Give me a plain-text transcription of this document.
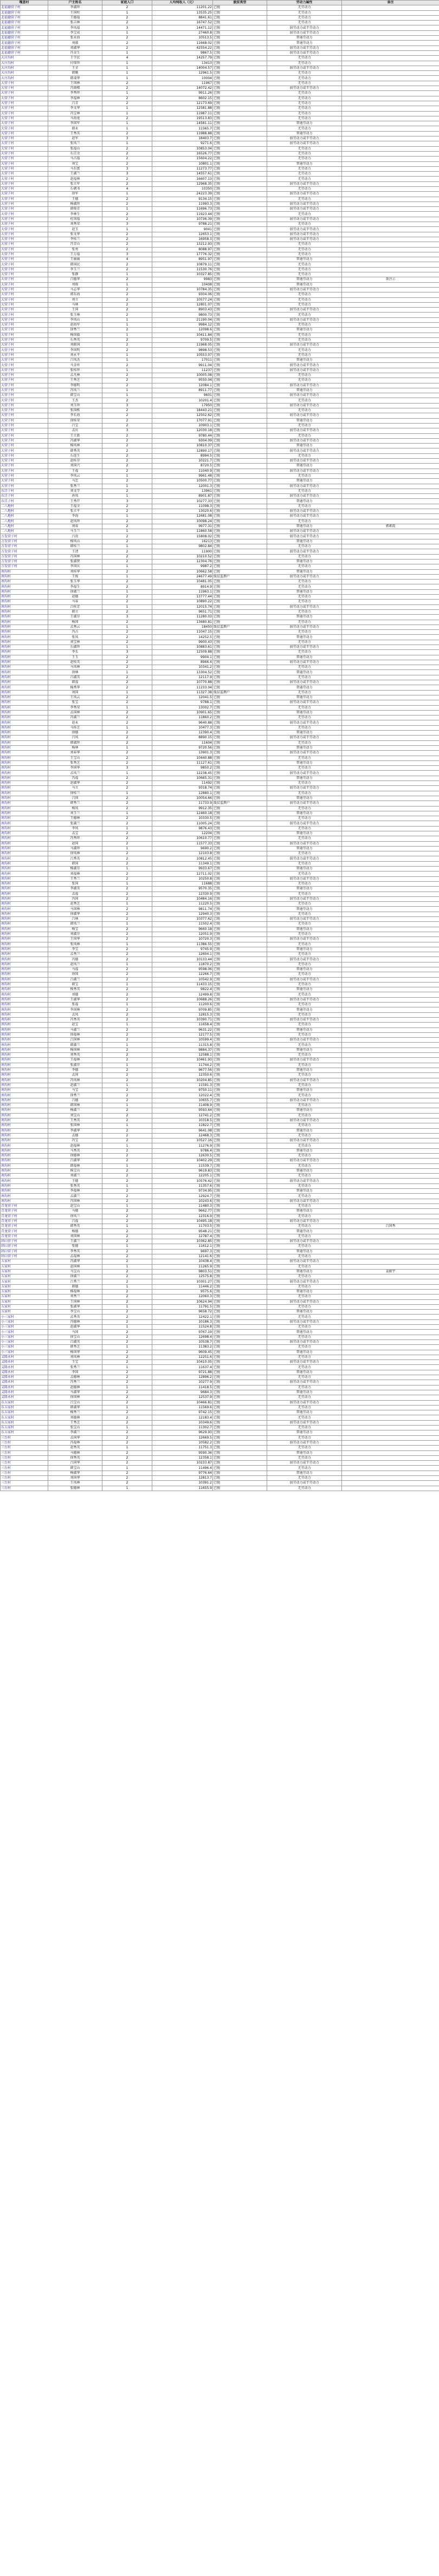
嘎查村	户主姓名	家庭人口	人均纯收入（元）	脱贫类型	劳动力属性	备注
北福德营子村	李淑珍	2	11201.22	已脱	无劳动力	
北福德营子村	王国柱	1	13535.25	已脱	无劳动力	
北福德营子村	王德福	2	8841.61	已脱	无劳动力	
北福德营子村	张吉林	2	16747.52	已脱	无劳动力	
北福德营子村	李凤福	3	14471.12	已脱	弱劳动力或半劳动力	
北福德营子村	李宝成	1	27460.8	已脱	弱劳动力或半劳动力	
北福德营子村	张永海	2	10513.5	已脱	普通劳动力	
北福德营子村	刘毅	2	11668.02	已脱	普通劳动力	
北福德营子村	刘淑华	2	42554.22	已脱	弱劳动力或半劳动力	
北福德营子村	冯金生	1	9867.5	已脱	弱劳动力或半劳动力	
大庄沟村	王学民	4	14257.79	已脱	无劳动力	
大庄沟村	付保珍	1	13413	已脱	无劳动力	
大庄沟村	王全	1	14004.57	已脱	弱劳动力或半劳动力	
大庄沟村	韩勤	1	12961.5	已脱	无劳动力	
大庄沟村	韩凌华	1	10004	已脱	无劳动力	
大营子村	王国林	2	11967	已脱	无劳动力	
大营子村	冯雨楼	2	14072.42	已脱	弱劳动力或半劳动力	
大营子村	李秀珍	1	9911.26	已脱	无劳动力	
大营子村	李福林	2	8602.15	已脱	无劳动力	
大营子村	吕青	2	12173.69	已脱	无劳动力	
大营子村	李文华	1	12581.88	已脱	无劳动力	
大营子村	冯宝林	1	11987.11	已脱	无劳动力	
大营子村	马海龙	2	19513.83	已脱	无劳动力	
大营子村	李国军	1	14581.11	已脱	普通劳动力	
大营子村	韩永	1	11565.7	已脱	无劳动力	
大营子村	王秀英	2	11988.88	已脱	普通劳动力	
大营子村	赵军	3	18403.7	已脱	弱劳动力或半劳动力	
大营子村	张凤兰	1	9271.6	已脱	弱劳动力或半劳动力	
大营子村	张福山	2	10853.04	已脱	无劳动力	
大营子村	石宗余	2	16526.77	已脱	无劳动力	
大营子村	马占福	2	15604.22	已脱	无劳动力	
大营子村	刘宝	2	10801.1	已脱	普通劳动力	
大营子村	马有富	3	11273.77	已脱	无劳动力	
大营子村	王淑兰	3	14557.61	已脱	无劳动力	
大营子村	赵福林	2	16607.13	已脱	无劳动力	
大营子村	张立军	2	12968.35	已脱	弱劳动力或半劳动力	
大营子村	石朝书	4	10350	已脱	无劳动力	
大营子村	徐军	1	24223.39	已脱	弱劳动力或半劳动力	
大营子村	王德	2	9134.15	已脱	无劳动力	
大营子村	杨淑珍	2	11993.3	已脱	弱劳动力或半劳动力	
大营子村	韩俊青	1	11696.73	已脱	弱劳动力或半劳动力	
大营子村	李林生	2	11923.44	已脱	无劳动力	
大营子村	杜国福	2	10736.39	已脱	弱劳动力或半劳动力	
大营子村	刘秀荣	3	9788.21	已脱	无劳动力	
大营子村	赵玉	1	9041	已脱	弱劳动力或半劳动力	
大营子村	张文华	2	12653.1	已脱	弱劳动力或半劳动力	
大营子村	李桂兰	2	16958.3	已脱	弱劳动力或半劳动力	
大营子村	冯青山	2	13212.93	已脱	无劳动力	
大营子村	张勇	2	8088.97	已脱	无劳动力	
大营子村	王万福	3	17776.32	已脱	无劳动力	
大营子村	王丽丽	4	8951.97	已脱	普通劳动力	
大营子村	韩国民	2	10879.11	已脱	无劳动力	
大营子村	李玉兰	2	11530.76	已脱	无劳动力	
大营子村	张静	1	10327.85	已脱	无劳动力	
大营子村	吕德华	2	9983	已脱	普通劳动力	备注示
大营子村	刘俊	1	10408	已脱	普通劳动力	
大营子村	马志华	2	10784.35	已脱	弱劳动力或半劳动力	
大营子村	郭东海	2	9304.06	已脱	无劳动力	
大营子村	刘立	2	10577.24	已脱	无劳动力	
大营子村	马林	2	12801.07	已脱	无劳动力	
大营子村	王国	2	8903.43	已脱	弱劳动力或半劳动力	
大营子村	张玉林	2	9800.73	已脱	无劳动力	
大营子村	李凤山	1	21190.04	已脱	弱劳动力或半劳动力	
大营子村	赵海军	1	9984.12	已脱	无劳动力	
大营子村	徐秀兰	2	12098.6	已脱	普通劳动力	
大营子村	杨国旗	1	10411.84	已脱	无劳动力	
大营子村	石秀英	2	9709.5	已脱	无劳动力	
大营子村	刘振国	2	11968.05	已脱	弱劳动力或半劳动力	
大营子村	李国明	2	9898.53	已脱	无劳动力	
大营子村	刘永平	1	10553.07	已脱	无劳动力	
大营子村	吕凤杰	1	17011	已脱	普通劳动力	
大营子村	马金库	2	9911.04	已脱	弱劳动力或半劳动力	
大营子村	张桂珍	1	11237	已脱	弱劳动力或半劳动力	
大营子村	孟凡林	2	10005.08	已脱	无劳动力	
大营子村	王秀芝	2	9550.04	已脱	无劳动力	
大营子村	李德明	2	12084.1	已脱	弱劳动力或半劳动力	
大营子村	冯凤兰	1	8911.77	已脱	普通劳动力	
大营子村	韩宝山	1	9601	已脱	弱劳动力或半劳动力	
大营子村	王杰	2	10201.4	已脱	无劳动力	
大营子村	刘玉珍	3	17950	已脱	弱劳动力或半劳动力	
大营子村	张国栋	2	18443.21	已脱	无劳动力	
大营子村	李长海	2	12502.62	已脱	弱劳动力或半劳动力	
大营子村	徐桂荣	2	17077.91	已脱	普通劳动力	
大营子村	吕宝	2	10903.1	已脱	无劳动力	
大营子村	孟庆	3	12030.18	已脱	弱劳动力或半劳动力	
大营子村	王立新	2	9780.44	已脱	无劳动力	
大营子村	冯淑华	2	9304.09	已脱	弱劳动力或半劳动力	
大营子村	杨凤林	2	10810.37	已脱	普通劳动力	
大营子村	韩秀英	2	12890.17	已脱	弱劳动力或半劳动力	
大营子村	石连生	2	8994.5	已脱	无劳动力	
大营子村	赵桂芬	2	10221.7	已脱	弱劳动力或半劳动力	
大营子村	刘国兴	2	8720.5	已脱	普通劳动力	
大营子村	王福	2	11040.9	已脱	弱劳动力或半劳动力	
大营子村	李凤云	1	9961.48	已脱	无劳动力	
大营子村	马忠	2	10500.77	已脱	普通劳动力	
大营子村	张秀兰	1	12001.3	已脱	弱劳动力或半劳动力	
东洼子村	刘文学	2	13961	已脱	无劳动力	
东洼子村	孙凤	1	8901.87	已脱	弱劳动力或半劳动力	
东洼子村	王秀芹	3	10277.33	已脱	普通劳动力	
二八地村	王福全	2	11098.3	已脱	无劳动力	
二八地村	张立平	2	13020.6	已脱	弱劳动力或半劳动力	
二八地村	李海	1	12681.08	已脱	弱劳动力或半劳动力	
二八地村	赵凤珍	2	10098.24	已脱	无劳动力	
二八地村	刘春	2	9977.31	已脱	普通劳动力	郭素霞
二八地村	马玉兰	1	11860.58	已脱	弱劳动力或半劳动力	
万发营子村	吕贵	2	15808.02	已脱	弱劳动力或半劳动力	
万发营子村	杨凤山	2	16213	已脱	普通劳动力	
万发营子村	韩桂兰	1	9802.84	已脱	无劳动力	
万发营子村	王清	2	11900	已脱	弱劳动力或半劳动力	
万发营子村	冯国林	2	10210.52	已脱	无劳动力	
万发营子村	张淑贤	2	12304.76	已脱	普通劳动力	
万发营子村	李国庆	1	9987.2	已脱	无劳动力	
南沟村	刘桂华	2	10662.58	已脱	普通劳动力	
南沟村	王俊	1	24677.49	缓贫监测户	弱劳动力或半劳动力	
南沟村	张玉华	2	10481.05	已脱	无劳动力	
南沟村	李福生	2	8914.9	已脱	无劳动力	
南沟村	徐淑兰	1	11963.1	已脱	普通劳动力	
南沟村	赵德	2	13777.44	已脱	无劳动力	
南沟村	马春	2	10890.22	已脱	无劳动力	
南沟村	吕桂芳	1	12015.74	已脱	弱劳动力或半劳动力	
南沟村	韩立	2	9651.71	已脱	无劳动力	
南沟村	王淑芬	3	11280.03	已脱	普通劳动力	
南沟村	杨国	2	13680.81	已脱	无劳动力	
南沟村	孟秀云	1	18450	缓贫监测户	弱劳动力或半劳动力	
南沟村	冯占	2	11047.15	已脱	无劳动力	
南沟村	张凤	2	14252.5	已脱	普通劳动力	
南沟村	刘宝林	2	9900.43	已脱	无劳动力	
南沟村	石淑珍	1	10883.61	已脱	弱劳动力或半劳动力	
南沟村	李长	3	12509.88	已脱	无劳动力	
南沟村	王玉	2	9904.1	已脱	普通劳动力	
南沟村	赵桂英	2	8966.4	已脱	弱劳动力或半劳动力	
南沟村	马凤林	2	10341.2	已脱	无劳动力	
南沟村	徐林	1	13304.52	已脱	普通劳动力	
南沟村	吕淑英	2	12117.9	已脱	无劳动力	
南沟村	韩福	2	10770.88	已脱	弱劳动力或半劳动力	
南沟村	杨秀华	2	11233.04	已脱	普通劳动力	
南沟村	刘国	1	11327.38	缓贫监测户	无劳动力	
南沟村	王凤云	2	12041.5	已脱	普通劳动力	
南沟村	张宝	2	9788.1	已脱	弱劳动力或半劳动力	
南沟村	李秀荣	1	13002.7	已脱	无劳动力	
南沟村	孟国林	2	10901.65	已脱	普通劳动力	
南沟村	冯淑兰	2	11860.2	已脱	无劳动力	
南沟村	赵永	2	9640.88	已脱	弱劳动力或半劳动力	
南沟村	马桂芝	1	10477.3	已脱	无劳动力	
南沟村	徐德	2	12390.4	已脱	普通劳动力	
南沟村	吕凤	2	8890.15	已脱	弱劳动力或半劳动力	
南沟村	韩淑珍	2	11604	已脱	无劳动力	
南沟村	杨林	1	9720.56	已脱	普通劳动力	
南沟村	刘春华	2	13901.3	已脱	弱劳动力或半劳动力	
南沟村	王宝山	2	10440.88	已脱	无劳动力	
南沟村	张秀芝	2	11127.61	已脱	普通劳动力	
南沟村	李国华	3	9850.2	已脱	无劳动力	
南沟村	孟凤兰	1	12238.45	已脱	弱劳动力或半劳动力	
南沟村	冯福	2	10665.31	已脱	普通劳动力	
南沟村	赵淑华	2	11492	已脱	无劳动力	
南沟村	马立	2	9318.74	已脱	弱劳动力或半劳动力	
南沟村	徐桂兰	1	12880.1	已脱	无劳动力	
南沟村	吕国	2	10054.66	已脱	普通劳动力	
南沟村	韩秀兰	2	11733.9	缓贫监测户	弱劳动力或半劳动力	
南沟村	杨凤	2	9912.35	已脱	无劳动力	
南沟村	刘玉兰	1	12460.18	已脱	普通劳动力	
南沟村	王德林	2	10330.5	已脱	无劳动力	
南沟村	张淑兰	2	11005.24	已脱	弱劳动力或半劳动力	
南沟村	李凤	1	9876.43	已脱	无劳动力	
南沟村	孟宝	2	12204	已脱	普通劳动力	
南沟村	冯秀珍	2	10610.77	已脱	无劳动力	
南沟村	赵国	2	11577.33	已脱	弱劳动力或半劳动力	
南沟村	马淑珍	1	9690.2	已脱	普通劳动力	
南沟村	徐凤林	2	12103.8	已脱	无劳动力	
南沟村	吕秀英	2	10812.45	已脱	弱劳动力或半劳动力	
南沟村	韩国	2	11349.1	已脱	无劳动力	
南沟村	杨淑芬	1	9933.67	已脱	普通劳动力	
南沟村	刘福林	2	12711.02	已脱	无劳动力	
南沟村	王秀兰	2	10250.8	已脱	弱劳动力或半劳动力	
南沟村	张国	1	11688	已脱	无劳动力	
南沟村	李淑英	2	9570.35	已脱	普通劳动力	
南沟村	孟福	2	12330.9	已脱	无劳动力	
南沟村	冯国	2	10484.16	已脱	弱劳动力或半劳动力	
南沟村	赵秀芝	1	11220.5	已脱	无劳动力	
南沟村	马国林	2	9811.74	已脱	普通劳动力	
南沟村	徐淑华	2	12940.3	已脱	无劳动力	
南沟村	吕林	2	10377.62	已脱	弱劳动力或半劳动力	
南沟村	韩凤兰	1	11502.4	已脱	无劳动力	
南沟村	杨宝	2	9660.18	已脱	普通劳动力	
南沟村	刘淑芬	2	12051.9	已脱	无劳动力	
南沟村	王国华	2	10720.3	已脱	弱劳动力或半劳动力	
南沟村	张凤林	1	11386.55	已脱	无劳动力	
南沟村	李宝	2	9745.9	已脱	普通劳动力	
南沟村	孟秀兰	2	12604.1	已脱	无劳动力	
南沟村	冯德	2	10133.44	已脱	弱劳动力或半劳动力	
南沟村	赵凤兰	1	11870.2	已脱	无劳动力	
南沟村	马福	2	9598.06	已脱	普通劳动力	
南沟村	徐国	2	12266.7	已脱	无劳动力	
南沟村	吕淑兰	2	10542.9	已脱	弱劳动力或半劳动力	
南沟村	韩宝	1	11433.15	已脱	无劳动力	
南沟村	杨秀英	2	9822.4	已脱	普通劳动力	
南沟村	刘德	2	12499.8	已脱	无劳动力	
南沟村	王淑华	2	10688.26	已脱	弱劳动力或半劳动力	
南沟村	张福	1	11200.6	已脱	无劳动力	
南沟村	李国林	2	9709.85	已脱	普通劳动力	
南沟村	孟凤	2	12815.3	已脱	无劳动力	
南沟村	冯秀英	2	10390.71	已脱	弱劳动力或半劳动力	
南沟村	赵宝	1	11658.4	已脱	无劳动力	
南沟村	马淑兰	2	9631.22	已脱	普通劳动力	
南沟村	徐福林	2	12177.5	已脱	无劳动力	
南沟村	吕国林	2	10599.4	已脱	弱劳动力或半劳动力	
南沟村	韩淑兰	1	11315.8	已脱	无劳动力	
南沟村	杨国林	2	9884.37	已脱	普通劳动力	
南沟村	刘秀英	2	12588.1	已脱	无劳动力	
南沟村	王福林	2	10461.93	已脱	弱劳动力或半劳动力	
南沟村	张淑芬	1	11744.2	已脱	无劳动力	
南沟村	李德	2	9677.56	已脱	普通劳动力	
南沟村	孟国	2	12350.6	已脱	无劳动力	
南沟村	冯凤林	2	10204.85	已脱	弱劳动力或半劳动力	
南沟村	赵淑兰	1	11591.3	已脱	无劳动力	
南沟村	马宝	2	9750.11	已脱	普通劳动力	
南沟村	徐秀兰	2	12022.4	已脱	无劳动力	
南沟村	吕德	2	10655.7	已脱	弱劳动力或半劳动力	
南沟村	韩国林	1	11408.9	已脱	无劳动力	
南沟村	杨淑兰	2	9593.64	已脱	普通劳动力	
南沟村	刘宝山	2	12741.2	已脱	无劳动力	
南沟村	王秀英	2	10318.5	已脱	弱劳动力或半劳动力	
南沟村	张国林	1	11822.7	已脱	无劳动力	
南沟村	李淑华	2	9641.08	已脱	普通劳动力	
南沟村	孟德	2	12468.3	已脱	无劳动力	
南沟村	冯宝	2	10527.16	已脱	弱劳动力或半劳动力	
南沟村	赵福林	1	11276.9	已脱	无劳动力	
南沟村	马秀英	2	9786.4	已脱	普通劳动力	
南沟村	徐德林	2	12630.5	已脱	无劳动力	
南沟村	吕淑华	2	10402.29	已脱	弱劳动力或半劳动力	
南沟村	韩福林	1	11539.7	已脱	无劳动力	
南沟村	杨宝山	2	9619.83	已脱	普通劳动力	
南沟村	刘淑兰	2	12205.1	已脱	无劳动力	
南沟村	王德	2	10576.42	已脱	弱劳动力或半劳动力	
南沟村	张秀英	1	11357.6	已脱	无劳动力	
南沟村	李福林	2	9734.95	已脱	普通劳动力	
南沟村	孟淑兰	2	12924.7	已脱	无劳动力	
南沟村	冯国林	2	10243.6	已脱	弱劳动力或半劳动力	
青龙营子村	赵宝山	1	11480.3	已脱	无劳动力	
青龙营子村	马德	2	9662.77	已脱	普通劳动力	
青龙营子村	徐凤兰	2	12316.9	已脱	无劳动力	
青龙营子村	吕福	2	10495.18	已脱	弱劳动力或半劳动力	
青龙营子村	韩秀英	1	11703.5	已脱	无劳动力	吕国秀
青龙营子村	杨德	2	9548.21	已脱	普通劳动力	
青龙营子村	刘国林	2	12787.4	已脱	无劳动力	
团山营子村	王淑兰	2	10362.85	已脱	弱劳动力或半劳动力	
团山营子村	张德	1	11612.1	已脱	无劳动力	
团山营子村	李秀英	2	9697.3	已脱	普通劳动力	
团山营子村	孟福林	2	12141.6	已脱	无劳动力	
五家村	冯淑华	2	10438.4	已脱	弱劳动力或半劳动力	
五家村	赵国林	1	11265.9	已脱	无劳动力	
五家村	马宝山	2	9803.51	已脱	普通劳动力	姜振宇
五家村	徐淑兰	2	12575.8	已脱	无劳动力	
五家村	吕秀兰	2	10301.27	已脱	弱劳动力或半劳动力	
五家村	韩德	1	11446.2	已脱	无劳动力	
五家村	杨福林	2	9575.6	已脱	普通劳动力	
五家村	刘秀兰	2	12060.3	已脱	无劳动力	
五家村	王国林	2	10624.94	已脱	弱劳动力或半劳动力	
五家村	张淑华	1	11791.5	已脱	无劳动力	
五家村	李宝山	2	9658.72	已脱	普通劳动力	
小三家村	孟秀英	2	12422.1	已脱	无劳动力	
小三家村	冯德林	2	10186.3	已脱	弱劳动力或半劳动力	
小三家村	赵淑华	1	11524.8	已脱	无劳动力	
小三家村	马国	2	9767.19	已脱	普通劳动力	
小三家村	徐宝山	2	12698.4	已脱	无劳动力	
小三家村	吕淑英	2	10538.7	已脱	弱劳动力或半劳动力	
小三家村	韩秀芝	1	11383.2	已脱	无劳动力	
小三家村	杨国华	2	9609.45	已脱	普通劳动力	
义隆永村	刘凤林	2	12251.6	已脱	无劳动力	
义隆永村	王宝	2	10410.05	已脱	弱劳动力或半劳动力	
义隆永村	张秀兰	1	11637.4	已脱	无劳动力	
义隆永村	李国	2	9721.88	已脱	普通劳动力	
义隆永村	孟德林	2	12896.2	已脱	无劳动力	
义隆永村	冯秀兰	2	10277.9	已脱	弱劳动力或半劳动力	
义隆永村	赵德林	1	11418.5	已脱	无劳动力	
义隆永村	马淑华	2	9684.3	已脱	普通劳动力	
义隆永村	徐国林	2	12537.9	已脱	无劳动力	
东五家村	吕宝山	2	10466.81	已脱	弱劳动力或半劳动力	
东五家村	韩淑华	1	11569.6	已脱	无劳动力	
东五家村	杨秀兰	2	9742.15	已脱	普通劳动力	
东五家村	刘德林	2	12183.4	已脱	无劳动力	
东五家村	王秀芝	2	10349.6	已脱	弱劳动力或半劳动力	
东五家村	张宝山	1	11302.7	已脱	无劳动力	
东五家村	李淑兰	2	9629.93	已脱	普通劳动力	
三台村	孟国华	2	12669.5	已脱	无劳动力	
三台村	冯福林	2	10582.2	已脱	弱劳动力或半劳动力	
三台村	赵秀英	1	11751.3	已脱	无劳动力	
三台村	马德林	2	9590.36	已脱	普通劳动力	
三台村	徐秀英	2	12358.1	已脱	无劳动力	
三台村	吕国华	2	10233.87	已脱	弱劳动力或半劳动力	
三台村	韩宝山	1	11496.4	已脱	无劳动力	
三台村	杨淑华	2	9776.64	已脱	普通劳动力	
三台村	刘国华	2	12813.7	已脱	无劳动力	
三台村	王凤林	2	10391.2	已脱	弱劳动力或半劳动力	
三台村	张德林	1	11655.9	已脱	无劳动力	
